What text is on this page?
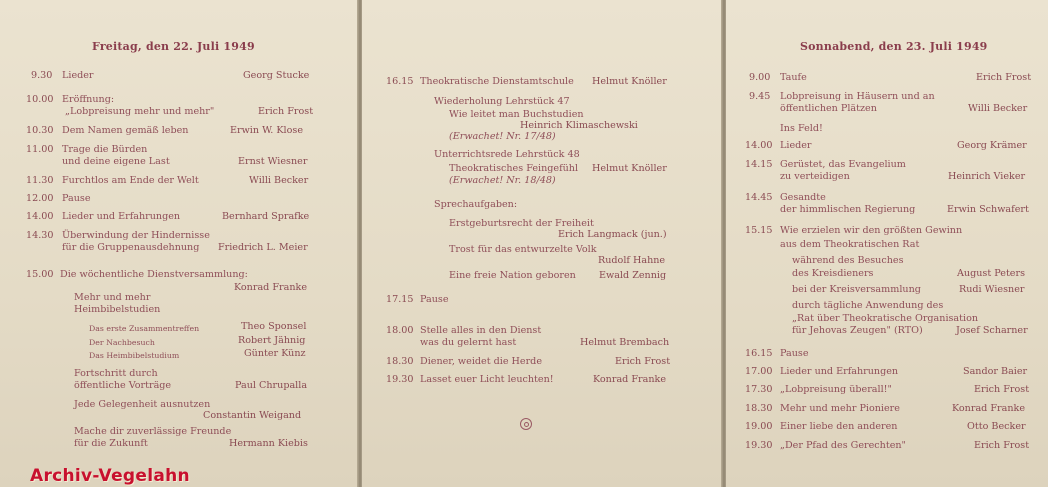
Freitag, den 22. Juli 1949
9.30 Lieder	Georg Stucke
10.00 Eröffnung:
„Lobpreisung mehr und mehr"	Erich Frost
10.30 Dem Namen gemäß leben	Erwin W. Klose
11.00 Trage die Bürden
und deine eigene Last	Ernst Wiesner
11.30 Furchtlos am Ende der Welt	Willi Becker
12.00 Pause
14.00 Lieder und Erfahrungen	Bernhard Sprafke
14.30 Überwindung der Hindernisse
für die Gruppenausdehnung Friedrich L. Meier
15.00 Die wöchentliche Dienstversammlung:
Konrad Franke
Mehr und mehr
Heimbibelstudien
Das erste Zusammentreffen	Theo Sponsel
Der Nachbesuch	Robert Jähnig
Das Heimbibelstudium	Günter Künz
Fortschritt durch
öffentliche Vorträge	Paul Chrupalla
Jede Gelegenheit ausnutzen
Constantin Weigand
Mache dir zuverlässige Freunde
für die Zukunft	Hermann Kiebis
16.15 Theokratische Dienstamtschule Helmut Knöller
Wiederholung Lehrstück 47
Wie leitet man Buchstudien
Heinrich Klimaschewski
(Erwachet! Nr. 17/48)
Unterrichtsrede Lehrstück 48
Theokratisches Feingefühl Helmut Knöller
(Erwachet! Nr. 18/48)
Sprechaufgaben:
Erstgeburtsrecht der Freiheit
Erich Langmack (jun.)
Trost für das entwurzelte Volk
Rudolf Hahne
Eine freie Nation geboren Ewald Zennig
17.15 Pause
18.00 Stelle alles in den Dienst
was du gelernt hast	Helmut Brembach
18.30 Diener, weidet die Herde	Erich Frost
19.30 Lasset euer Licht leuchten!	Konrad Franke
Sonnabend, den 23. Juli 1949
9.00 Taufe	Erich Frost
9.45 Lobpreisung in Häusern und an
öffentlichen Plätzen	Willi Becker
Ins Feld!
14.00 Lieder	Georg Krämer
14.15 Gerüstet, das Evangelium
zu verteidigen	Heinrich Vieker
14.45 Gesandte
der himmlischen Regierung	Erwin Schwafert
15.15 Wie erzielen wir den größten Gewinn
aus dem Theokratischen Rat
während des Besuches
des Kreisdieners	August Peters
bei der Kreisversammlung	Rudi Wiesner
durch tägliche Anwendung des
„Rat über Theokratische Organisation
für Jehovas Zeugen" (RTO)	Josef Scharner
16.15 Pause
17.00 Lieder und Erfahrungen	Sandor Baier
17.30 „Lobpreisung überall!"	Erich Frost
18.30 Mehr und mehr Pioniere	Konrad Franke
19.00 Einer liebe den anderen	Otto Becker
19.30 „Der Pfad des Gerechten"	Erich Frost
Archiv-Vegelahn
